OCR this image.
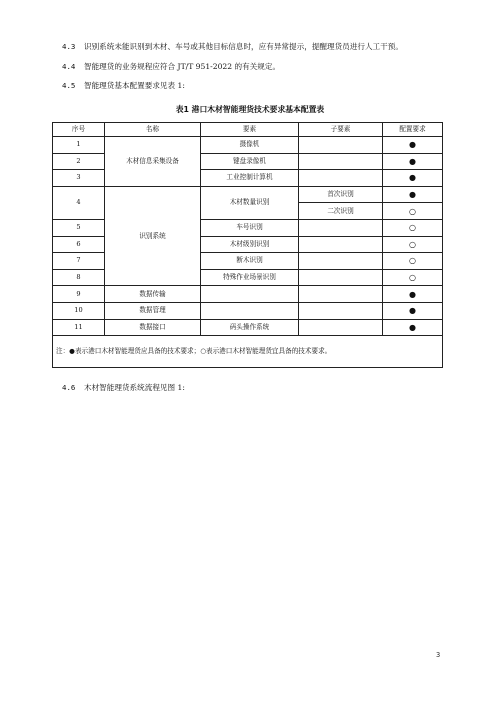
4.3 识别系统未能识别到木材、车号或其他目标信息时，应有异常提示，提醒理货员进行人工干预。
4.4 智能理货的业务规程应符合 JT/T 951-2022 的有关规定。
4.5 智能理货基本配置要求见表 1:
表1 港口木材智能理货技术要求基本配置表
序号	名称	要素	子要素	配置要求
1	木材信息采集设备	摄像机		●
2		键盘录像机		●
3		工业控制计算机		●
4	识别系统	木材数量识别	首次识别	●
			二次识别	○
5		车号识别		○
6		木材级别识别		○
7		断木识别		○
8		特殊作业场景识别		○
9	数据传输			●
10	数据管理			●
11	数据接口	码头操作系统		●
注：●表示港口木材智能理货应具备的技术要求；○表示港口木材智能理货宜具备的技术要求。				
4.6 木材智能理货系统流程见图 1:
3
